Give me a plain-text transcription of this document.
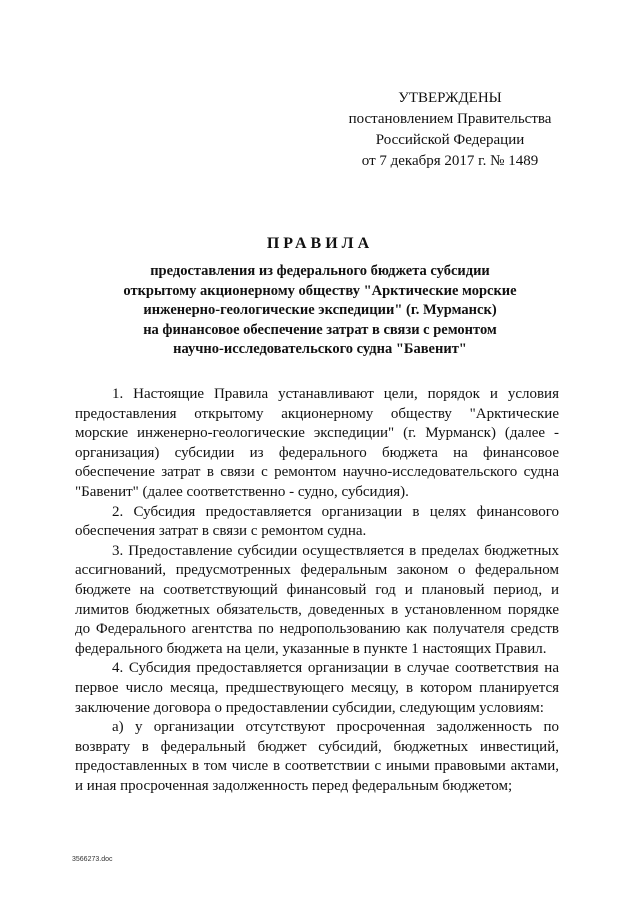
УТВЕРЖДЕНЫ
постановлением Правительства
Российской Федерации
от 7 декабря 2017 г. № 1489
ПРАВИЛА
предоставления из федерального бюджета субсидии
открытому акционерному обществу "Арктические морские
инженерно-геологические экспедиции" (г. Мурманск)
на финансовое обеспечение затрат в связи с ремонтом
научно-исследовательского судна "Бавенит"

1. Настоящие Правила устанавливают цели, порядок и условия предоставления открытому акционерному обществу "Арктические морские инженерно-геологические экспедиции" (г. Мурманск) (далее - организация) субсидии из федерального бюджета на финансовое обеспечение затрат в связи с ремонтом научно-исследовательского судна "Бавенит" (далее соответственно - судно, субсидия).

2. Субсидия предоставляется организации в целях финансового обеспечения затрат в связи с ремонтом судна.

3. Предоставление субсидии осуществляется в пределах бюджетных ассигнований, предусмотренных федеральным законом о федеральном бюджете на соответствующий финансовый год и плановый период, и лимитов бюджетных обязательств, доведенных в установленном порядке до Федерального агентства по недропользованию как получателя средств федерального бюджета на цели, указанные в пункте 1 настоящих Правил.

4. Субсидия предоставляется организации в случае соответствия на первое число месяца, предшествующего месяцу, в котором планируется заключение договора о предоставлении субсидии, следующим условиям:

а) у организации отсутствуют просроченная задолженность по возврату в федеральный бюджет субсидий, бюджетных инвестиций, предоставленных в том числе в соответствии с иными правовыми актами, и иная просроченная задолженность перед федеральным бюджетом;

3566273.doc
